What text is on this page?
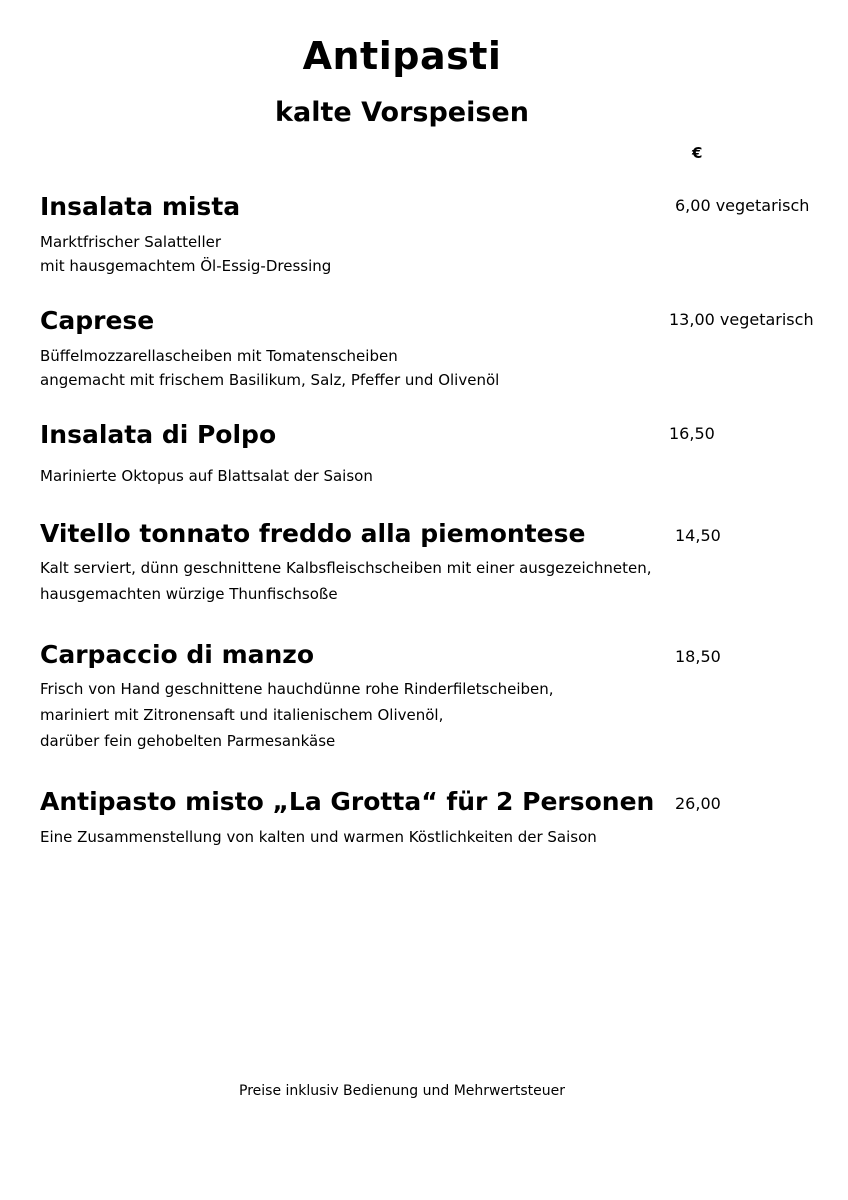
Antipasti
kalte Vorspeisen
€
Insalata mista	6,00 vegetarisch
Marktfrischer Salatteller
mit hausgemachtem Öl-Essig-Dressing
Caprese	13,00 vegetarisch
Büffelmozzarellascheiben mit Tomatenscheiben
angemacht mit frischem Basilikum, Salz, Pfeffer und Olivenöl
Insalata di Polpo	16,50
Marinierte Oktopus auf Blattsalat der Saison
Vitello tonnato freddo alla piemontese	14,50
Kalt serviert, dünn geschnittene Kalbsfleischscheiben mit einer ausgezeichneten,
hausgemachten würzige Thunfischsoße
Carpaccio di manzo	18,50
Frisch von Hand geschnittene hauchdünne rohe Rinderfiletscheiben,
mariniert mit Zitronensaft und italienischem Olivenöl,
darüber fein gehobelten Parmesankäse
Antipasto misto „La Grotta“ für 2 Personen	26,00
Eine Zusammenstellung von kalten und warmen Köstlichkeiten der Saison
Preise inklusiv Bedienung und Mehrwertsteuer
